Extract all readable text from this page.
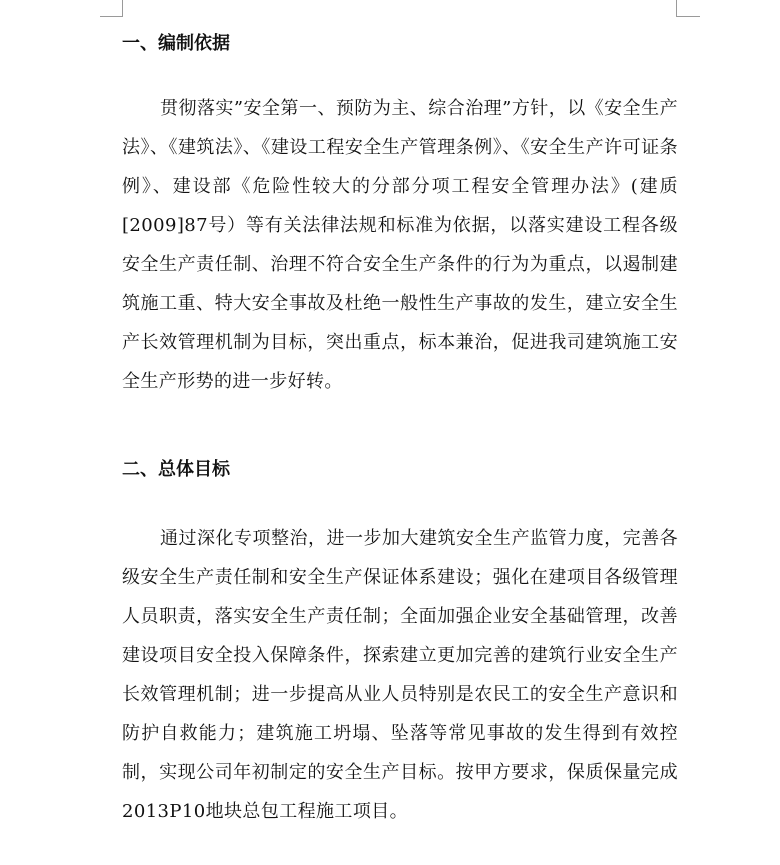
一、编制依据

贯彻落实”安全第一、预防为主、综合治理”方针，以《安全生产法》、《建筑法》、《建设工程安全生产管理条例》、《安全生产许可证条例》、建设部《危险性较大的分部分项工程安全管理办法》(建质[2009]87号）等有关法律法规和标准为依据，以落实建设工程各级安全生产责任制、治理不符合安全生产条件的行为为重点，以遏制建筑施工重、特大安全事故及杜绝一般性生产事故的发生，建立安全生产长效管理机制为目标，突出重点，标本兼治，促进我司建筑施工安全生产形势的进一步好转。

二、总体目标

通过深化专项整治，进一步加大建筑安全生产监管力度，完善各级安全生产责任制和安全生产保证体系建设；强化在建项目各级管理人员职责，落实安全生产责任制；全面加强企业安全基础管理，改善建设项目安全投入保障条件，探索建立更加完善的建筑行业安全生产长效管理机制；进一步提高从业人员特别是农民工的安全生产意识和防护自救能力；建筑施工坍塌、坠落等常见事故的发生得到有效控制，实现公司年初制定的安全生产目标。按甲方要求，保质保量完成2013P10地块总包工程施工项目。
